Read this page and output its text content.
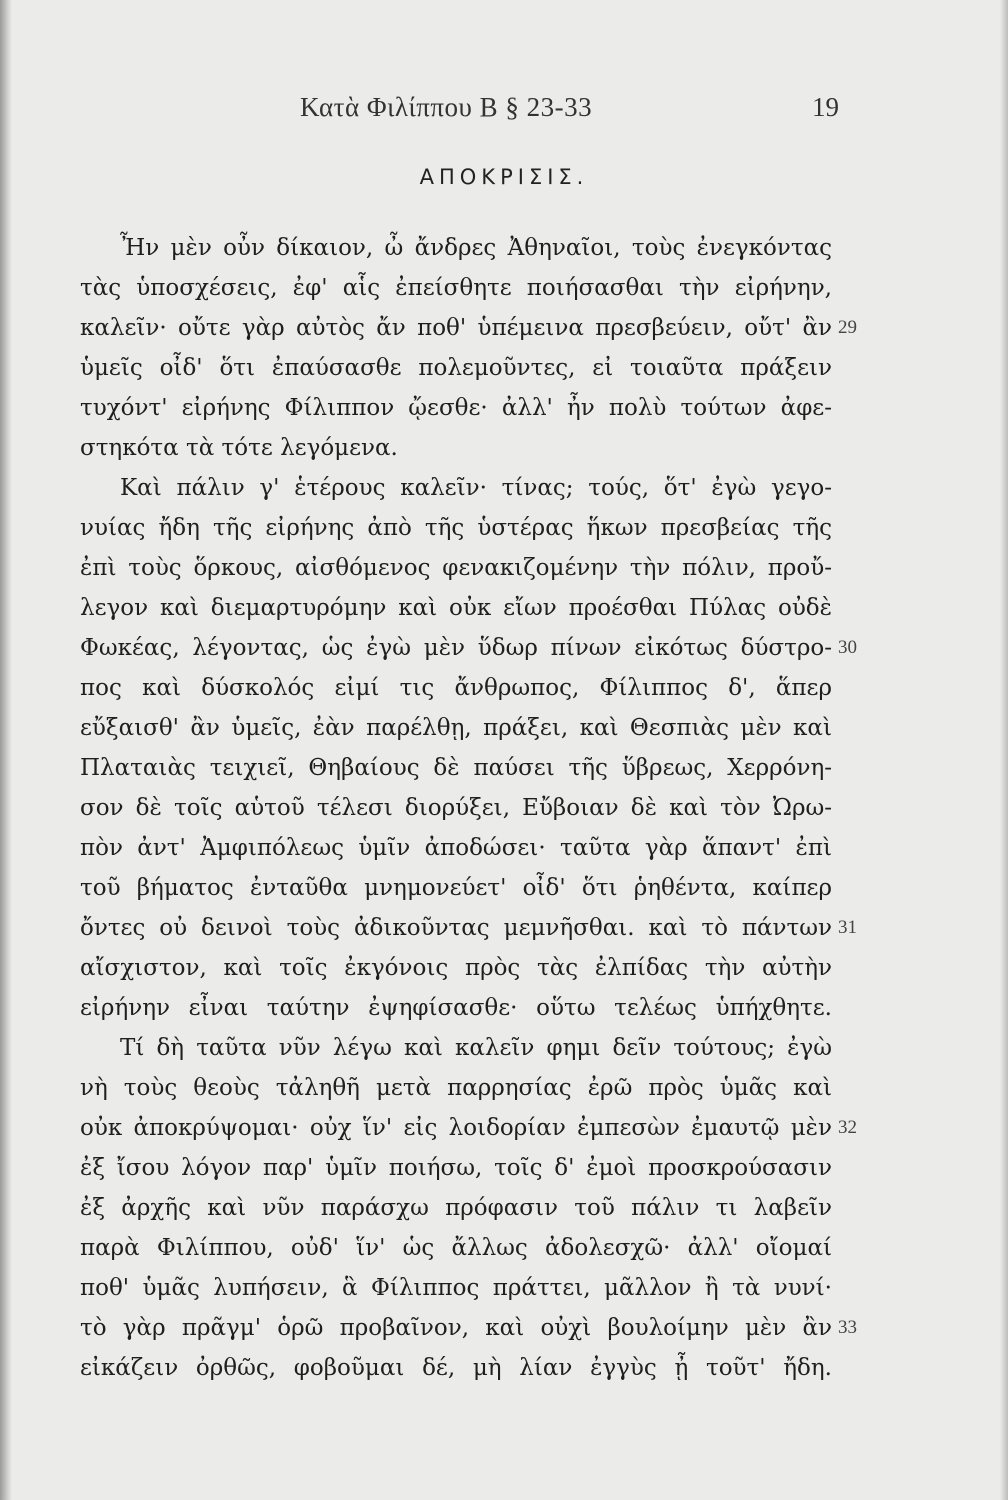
Κατὰ Φιλίππου Β § 23-33	19
ΑΠΟΚΡΙΣΙΣ.
Ἦν μὲν οὖν δίκαιον, ὦ ἄνδρες Ἀθηναῖοι, τοὺς ἐνεγκόντας
τὰς ὑποσχέσεις, ἐφ' αἷς ἐπείσθητε ποιήσασθαι τὴν εἰρήνην,
καλεῖν· οὔτε γὰρ αὐτὸς ἄν ποθ' ὑπέμεινα πρεσβεύειν, οὔτ' ἂν
ὑμεῖς οἶδ' ὅτι ἐπαύσασθε πολεμοῦντες, εἰ τοιαῦτα πράξειν
τυχόντ' εἰρήνης Φίλιππον ᾤεσθε· ἀλλ' ἦν πολὺ τούτων ἀφε-
στηκότα τὰ τότε λεγόμενα.
Καὶ πάλιν γ' ἑτέρους καλεῖν· τίνας; τούς, ὅτ' ἐγὼ γεγο-
νυίας ἤδη τῆς εἰρήνης ἀπὸ τῆς ὑστέρας ἥκων πρεσβείας τῆς
ἐπὶ τοὺς ὅρκους, αἰσθόμενος φενακιζομένην τὴν πόλιν, προὔ-
λεγον καὶ διεμαρτυρόμην καὶ οὐκ εἴων προέσθαι Πύλας οὐδὲ
Φωκέας, λέγοντας, ὡς ἐγὼ μὲν ὕδωρ πίνων εἰκότως δύστρο-
πος καὶ δύσκολός εἰμί τις ἄνθρωπος, Φίλιππος δ', ἅπερ
εὔξαισθ' ἂν ὑμεῖς, ἐὰν παρέλθῃ, πράξει, καὶ Θεσπιὰς μὲν καὶ
Πλαταιὰς τειχιεῖ, Θηβαίους δὲ παύσει τῆς ὕβρεως, Χερρόνη-
σον δὲ τοῖς αὑτοῦ τέλεσι διορύξει, Εὔβοιαν δὲ καὶ τὸν Ὠρω-
πὸν ἀντ' Ἀμφιπόλεως ὑμῖν ἀποδώσει· ταῦτα γὰρ ἅπαντ' ἐπὶ
τοῦ βήματος ἐνταῦθα μνημονεύετ' οἶδ' ὅτι ῥηθέντα, καίπερ
ὄντες οὐ δεινοὶ τοὺς ἀδικοῦντας μεμνῆσθαι. καὶ τὸ πάντων
αἴσχιστον, καὶ τοῖς ἐκγόνοις πρὸς τὰς ἐλπίδας τὴν αὐτὴν
εἰρήνην εἶναι ταύτην ἐψηφίσασθε· οὕτω τελέως ὑπήχθητε.
Τί δὴ ταῦτα νῦν λέγω καὶ καλεῖν φημι δεῖν τούτους; ἐγὼ
νὴ τοὺς θεοὺς τἀληθῆ μετὰ παρρησίας ἐρῶ πρὸς ὑμᾶς καὶ
οὐκ ἀποκρύψομαι· οὐχ ἵν' εἰς λοιδορίαν ἐμπεσὼν ἐμαυτῷ μὲν
ἐξ ἴσου λόγον παρ' ὑμῖν ποιήσω, τοῖς δ' ἐμοὶ προσκρούσασιν
ἐξ ἀρχῆς καὶ νῦν παράσχω πρόφασιν τοῦ πάλιν τι λαβεῖν
παρὰ Φιλίππου, οὐδ' ἵν' ὡς ἄλλως ἀδολεσχῶ· ἀλλ' οἴομαί
ποθ' ὑμᾶς λυπήσειν, ἃ Φίλιππος πράττει, μᾶλλον ἢ τὰ νυνί·
τὸ γὰρ πρᾶγμ' ὁρῶ προβαῖνον, καὶ οὐχὶ βουλοίμην μὲν ἂν
εἰκάζειν ὀρθῶς, φοβοῦμαι δέ, μὴ λίαν ἐγγὺς ᾖ τοῦτ' ἤδη.
29
30
31
32
33
